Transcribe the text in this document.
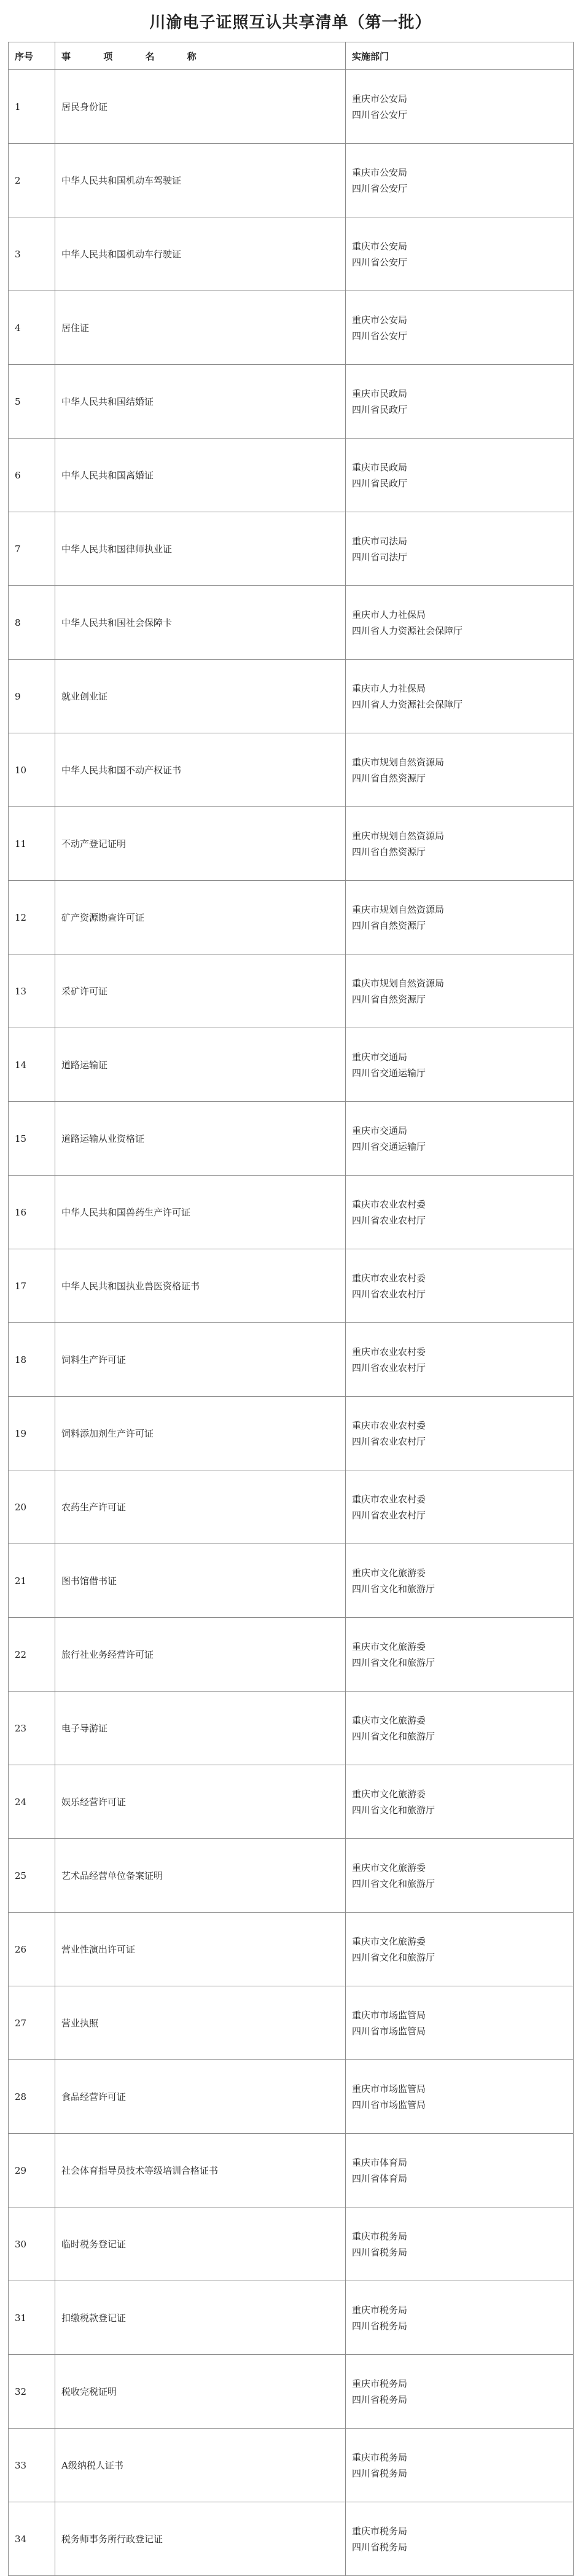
川渝电子证照互认共享清单（第一批）
序号	事 项 名 称	实施部门
1	居民身份证	重庆市公安局
四川省公安厅

2	中华人民共和国机动车驾驶证	重庆市公安局
四川省公安厅

3	中华人民共和国机动车行驶证	重庆市公安局
四川省公安厅

4	居住证	重庆市公安局
四川省公安厅

5	中华人民共和国结婚证	重庆市民政局
四川省民政厅

6	中华人民共和国离婚证	重庆市民政局
四川省民政厅

7	中华人民共和国律师执业证	重庆市司法局
四川省司法厅

8	中华人民共和国社会保障卡	重庆市人力社保局
四川省人力资源社会保障厅

9	就业创业证	重庆市人力社保局
四川省人力资源社会保障厅

10	中华人民共和国不动产权证书	重庆市规划自然资源局
四川省自然资源厅

11	不动产登记证明	重庆市规划自然资源局
四川省自然资源厅

12	矿产资源勘查许可证	重庆市规划自然资源局
四川省自然资源厅

13	采矿许可证	重庆市规划自然资源局
四川省自然资源厅

14	道路运输证	重庆市交通局
四川省交通运输厅

15	道路运输从业资格证	重庆市交通局
四川省交通运输厅

16	中华人民共和国兽药生产许可证	重庆市农业农村委
四川省农业农村厅

17	中华人民共和国执业兽医资格证书	重庆市农业农村委
四川省农业农村厅

18	饲料生产许可证	重庆市农业农村委
四川省农业农村厅

19	饲料添加剂生产许可证	重庆市农业农村委
四川省农业农村厅

20	农药生产许可证	重庆市农业农村委
四川省农业农村厅

21	图书馆借书证	重庆市文化旅游委
四川省文化和旅游厅

22	旅行社业务经营许可证	重庆市文化旅游委
四川省文化和旅游厅

23	电子导游证	重庆市文化旅游委
四川省文化和旅游厅

24	娱乐经营许可证	重庆市文化旅游委
四川省文化和旅游厅

25	艺术品经营单位备案证明	重庆市文化旅游委
四川省文化和旅游厅

26	营业性演出许可证	重庆市文化旅游委
四川省文化和旅游厅

27	营业执照	重庆市市场监管局
四川省市场监管局

28	食品经营许可证	重庆市市场监管局
四川省市场监管局

29	社会体育指导员技术等级培训合格证书	重庆市体育局
四川省体育局

30	临时税务登记证	重庆市税务局
四川省税务局

31	扣缴税款登记证	重庆市税务局
四川省税务局

32	税收完税证明	重庆市税务局
四川省税务局

33	A级纳税人证书	重庆市税务局
四川省税务局

34	税务师事务所行政登记证	重庆市税务局
四川省税务局
